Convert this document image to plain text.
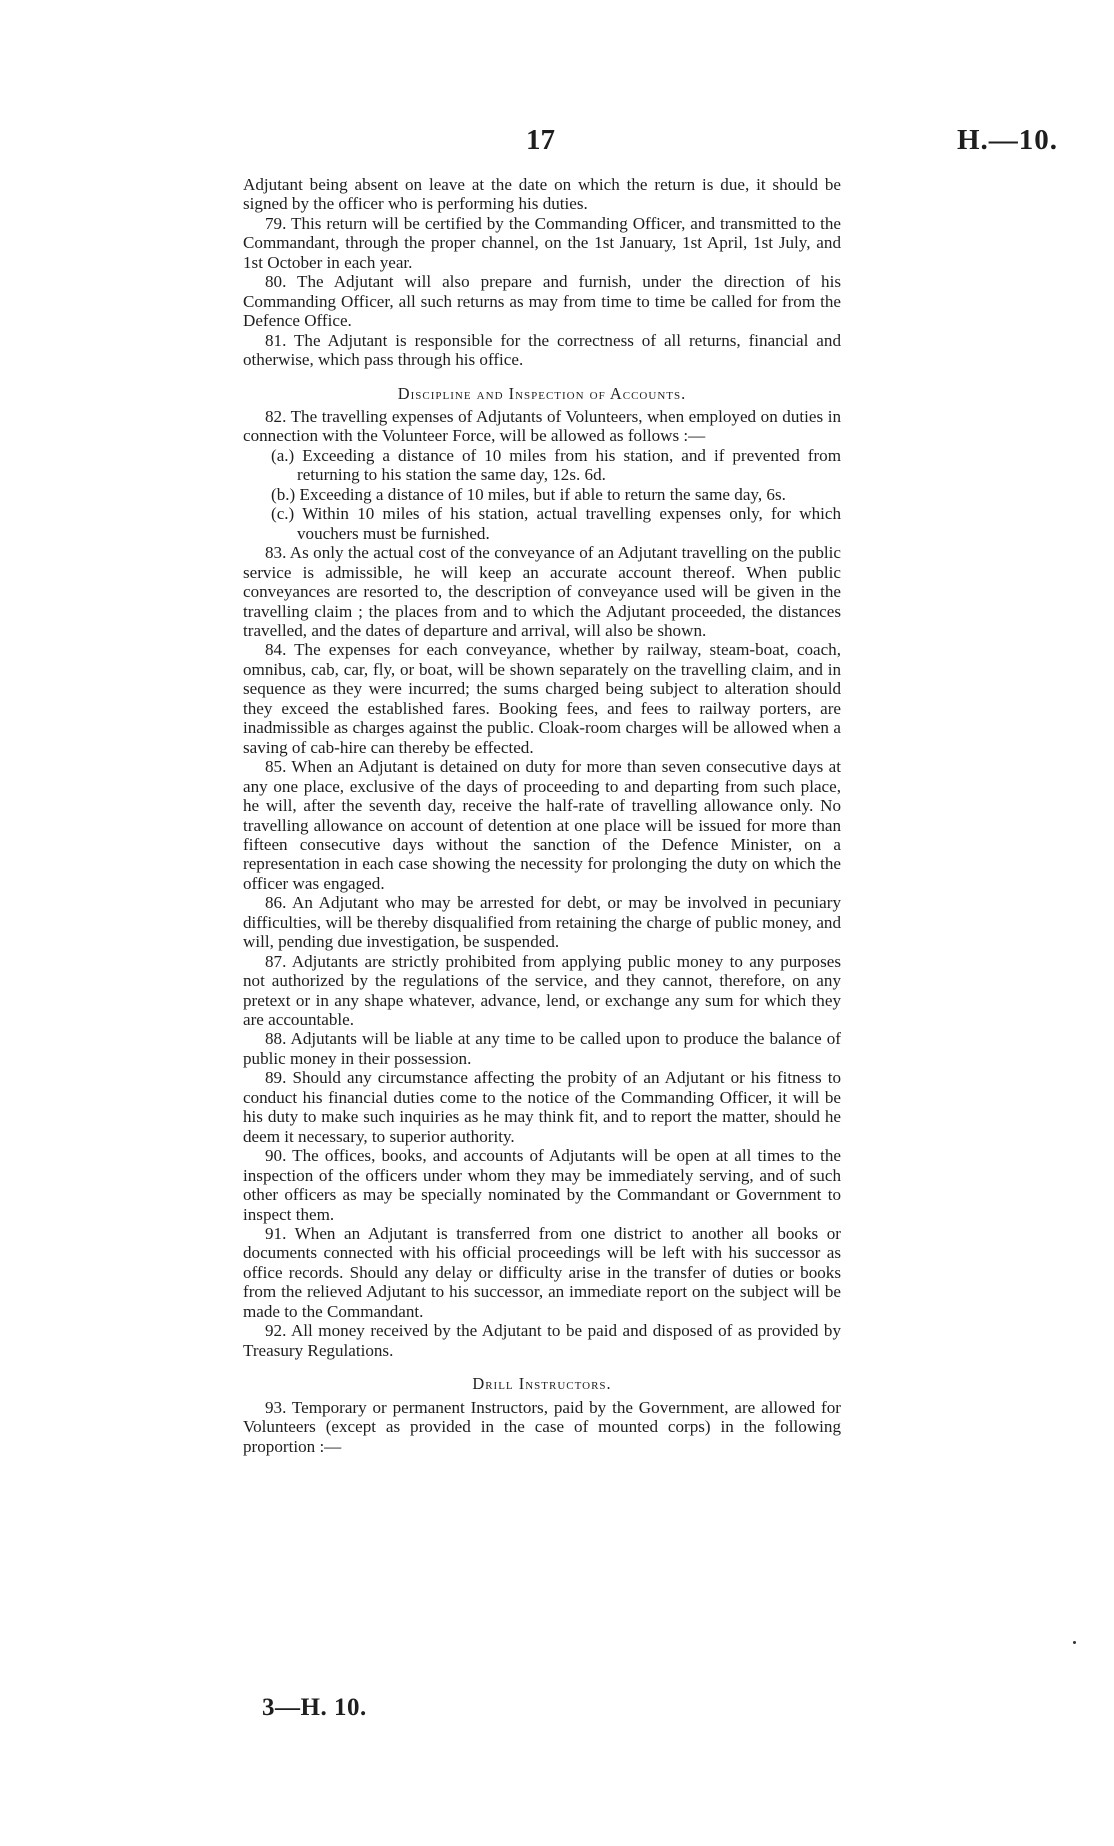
17	H.—10.

Adjutant being absent on leave at the date on which the return is due, it should be signed by the officer who is performing his duties.

79. This return will be certified by the Commanding Officer, and transmitted to the Commandant, through the proper channel, on the 1st January, 1st April, 1st July, and 1st October in each year.

80. The Adjutant will also prepare and furnish, under the direction of his Commanding Officer, all such returns as may from time to time be called for from the Defence Office.

81. The Adjutant is responsible for the correctness of all returns, financial and otherwise, which pass through his office.

Discipline and Inspection of Accounts.

82. The travelling expenses of Adjutants of Volunteers, when employed on duties in connection with the Volunteer Force, will be allowed as follows :—

(a.) Exceeding a distance of 10 miles from his station, and if prevented from returning to his station the same day, 12s. 6d.

(b.) Exceeding a distance of 10 miles, but if able to return the same day, 6s.

(c.) Within 10 miles of his station, actual travelling expenses only, for which vouchers must be furnished.

83. As only the actual cost of the conveyance of an Adjutant travelling on the public service is admissible, he will keep an accurate account thereof. When public conveyances are resorted to, the description of conveyance used will be given in the travelling claim ; the places from and to which the Adjutant proceeded, the distances travelled, and the dates of departure and arrival, will also be shown.

84. The expenses for each conveyance, whether by railway, steam-boat, coach, omnibus, cab, car, fly, or boat, will be shown separately on the travelling claim, and in sequence as they were incurred; the sums charged being subject to alteration should they exceed the established fares. Booking fees, and fees to railway porters, are inadmissible as charges against the public. Cloak-room charges will be allowed when a saving of cab-hire can thereby be effected.

85. When an Adjutant is detained on duty for more than seven consecutive days at any one place, exclusive of the days of proceeding to and departing from such place, he will, after the seventh day, receive the half-rate of travelling allowance only. No travelling allowance on account of detention at one place will be issued for more than fifteen consecutive days without the sanction of the Defence Minister, on a representation in each case showing the necessity for prolonging the duty on which the officer was engaged.

86. An Adjutant who may be arrested for debt, or may be involved in pecuniary difficulties, will be thereby disqualified from retaining the charge of public money, and will, pending due investigation, be suspended.

87. Adjutants are strictly prohibited from applying public money to any purposes not authorized by the regulations of the service, and they cannot, therefore, on any pretext or in any shape whatever, advance, lend, or exchange any sum for which they are accountable.

88. Adjutants will be liable at any time to be called upon to produce the balance of public money in their possession.

89. Should any circumstance affecting the probity of an Adjutant or his fitness to conduct his financial duties come to the notice of the Commanding Officer, it will be his duty to make such inquiries as he may think fit, and to report the matter, should he deem it necessary, to superior authority.

90. The offices, books, and accounts of Adjutants will be open at all times to the inspection of the officers under whom they may be immediately serving, and of such other officers as may be specially nominated by the Commandant or Government to inspect them.

91. When an Adjutant is transferred from one district to another all books or documents connected with his official proceedings will be left with his successor as office records. Should any delay or difficulty arise in the transfer of duties or books from the relieved Adjutant to his successor, an immediate report on the subject will be made to the Commandant.

92. All money received by the Adjutant to be paid and disposed of as provided by Treasury Regulations.

Drill Instructors.

93. Temporary or permanent Instructors, paid by the Government, are allowed for Volunteers (except as provided in the case of mounted corps) in the following proportion :—

3—H. 10.
